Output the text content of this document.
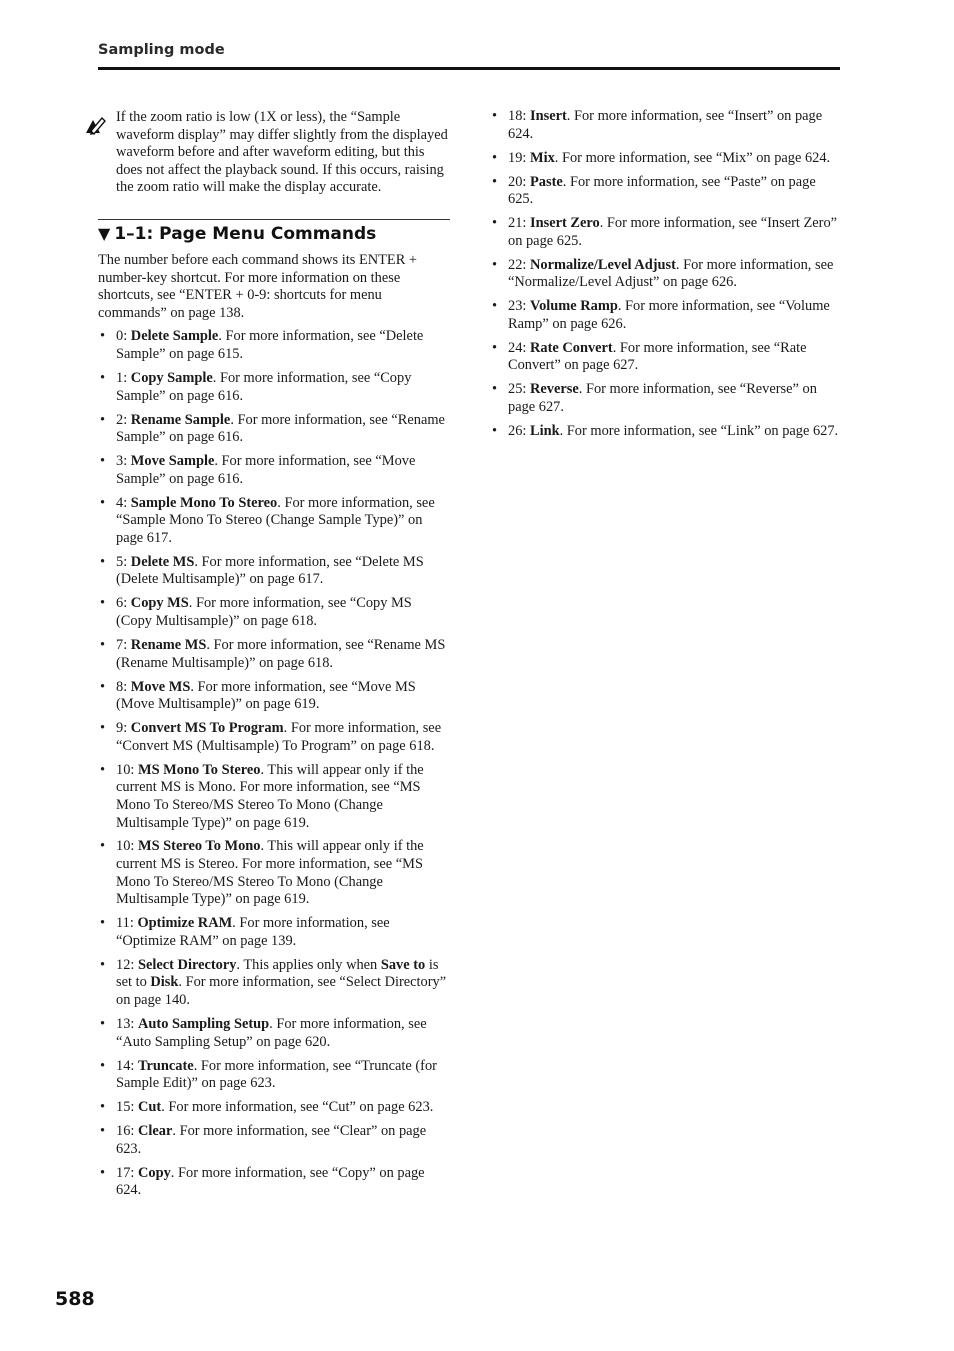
Sampling mode
If the zoom ratio is low (1X or less), the “Sample waveform display” may differ slightly from the displayed waveform before and after waveform editing, but this does not affect the playback sound. If this occurs, raising the zoom ratio will make the display accurate.
▼ 1–1: Page Menu Commands
The number before each command shows its ENTER + number-key shortcut. For more information on these shortcuts, see “ENTER + 0-9: shortcuts for menu commands” on page 138.
• 0: Delete Sample. For more information, see “Delete Sample” on page 615.
• 1: Copy Sample. For more information, see “Copy Sample” on page 616.
• 2: Rename Sample. For more information, see “Rename Sample” on page 616.
• 3: Move Sample. For more information, see “Move Sample” on page 616.
• 4: Sample Mono To Stereo. For more information, see “Sample Mono To Stereo (Change Sample Type)” on page 617.
• 5: Delete MS. For more information, see “Delete MS (Delete Multisample)” on page 617.
• 6: Copy MS. For more information, see “Copy MS (Copy Multisample)” on page 618.
• 7: Rename MS. For more information, see “Rename MS (Rename Multisample)” on page 618.
• 8: Move MS. For more information, see “Move MS (Move Multisample)” on page 619.
• 9: Convert MS To Program. For more information, see “Convert MS (Multisample) To Program” on page 618.
• 10: MS Mono To Stereo. This will appear only if the current MS is Mono. For more information, see “MS Mono To Stereo/MS Stereo To Mono (Change Multisample Type)” on page 619.
• 10: MS Stereo To Mono. This will appear only if the current MS is Stereo. For more information, see “MS Mono To Stereo/MS Stereo To Mono (Change Multisample Type)” on page 619.
• 11: Optimize RAM. For more information, see “Optimize RAM” on page 139.
• 12: Select Directory. This applies only when Save to is set to Disk. For more information, see “Select Directory” on page 140.
• 13: Auto Sampling Setup. For more information, see “Auto Sampling Setup” on page 620.
• 14: Truncate. For more information, see “Truncate (for Sample Edit)” on page 623.
• 15: Cut. For more information, see “Cut” on page 623.
• 16: Clear. For more information, see “Clear” on page 623.
• 17: Copy. For more information, see “Copy” on page 624.
• 18: Insert. For more information, see “Insert” on page 624.
• 19: Mix. For more information, see “Mix” on page 624.
• 20: Paste. For more information, see “Paste” on page 625.
• 21: Insert Zero. For more information, see “Insert Zero” on page 625.
• 22: Normalize/Level Adjust. For more information, see “Normalize/Level Adjust” on page 626.
• 23: Volume Ramp. For more information, see “Volume Ramp” on page 626.
• 24: Rate Convert. For more information, see “Rate Convert” on page 627.
• 25: Reverse. For more information, see “Reverse” on page 627.
• 26: Link. For more information, see “Link” on page 627.
588
